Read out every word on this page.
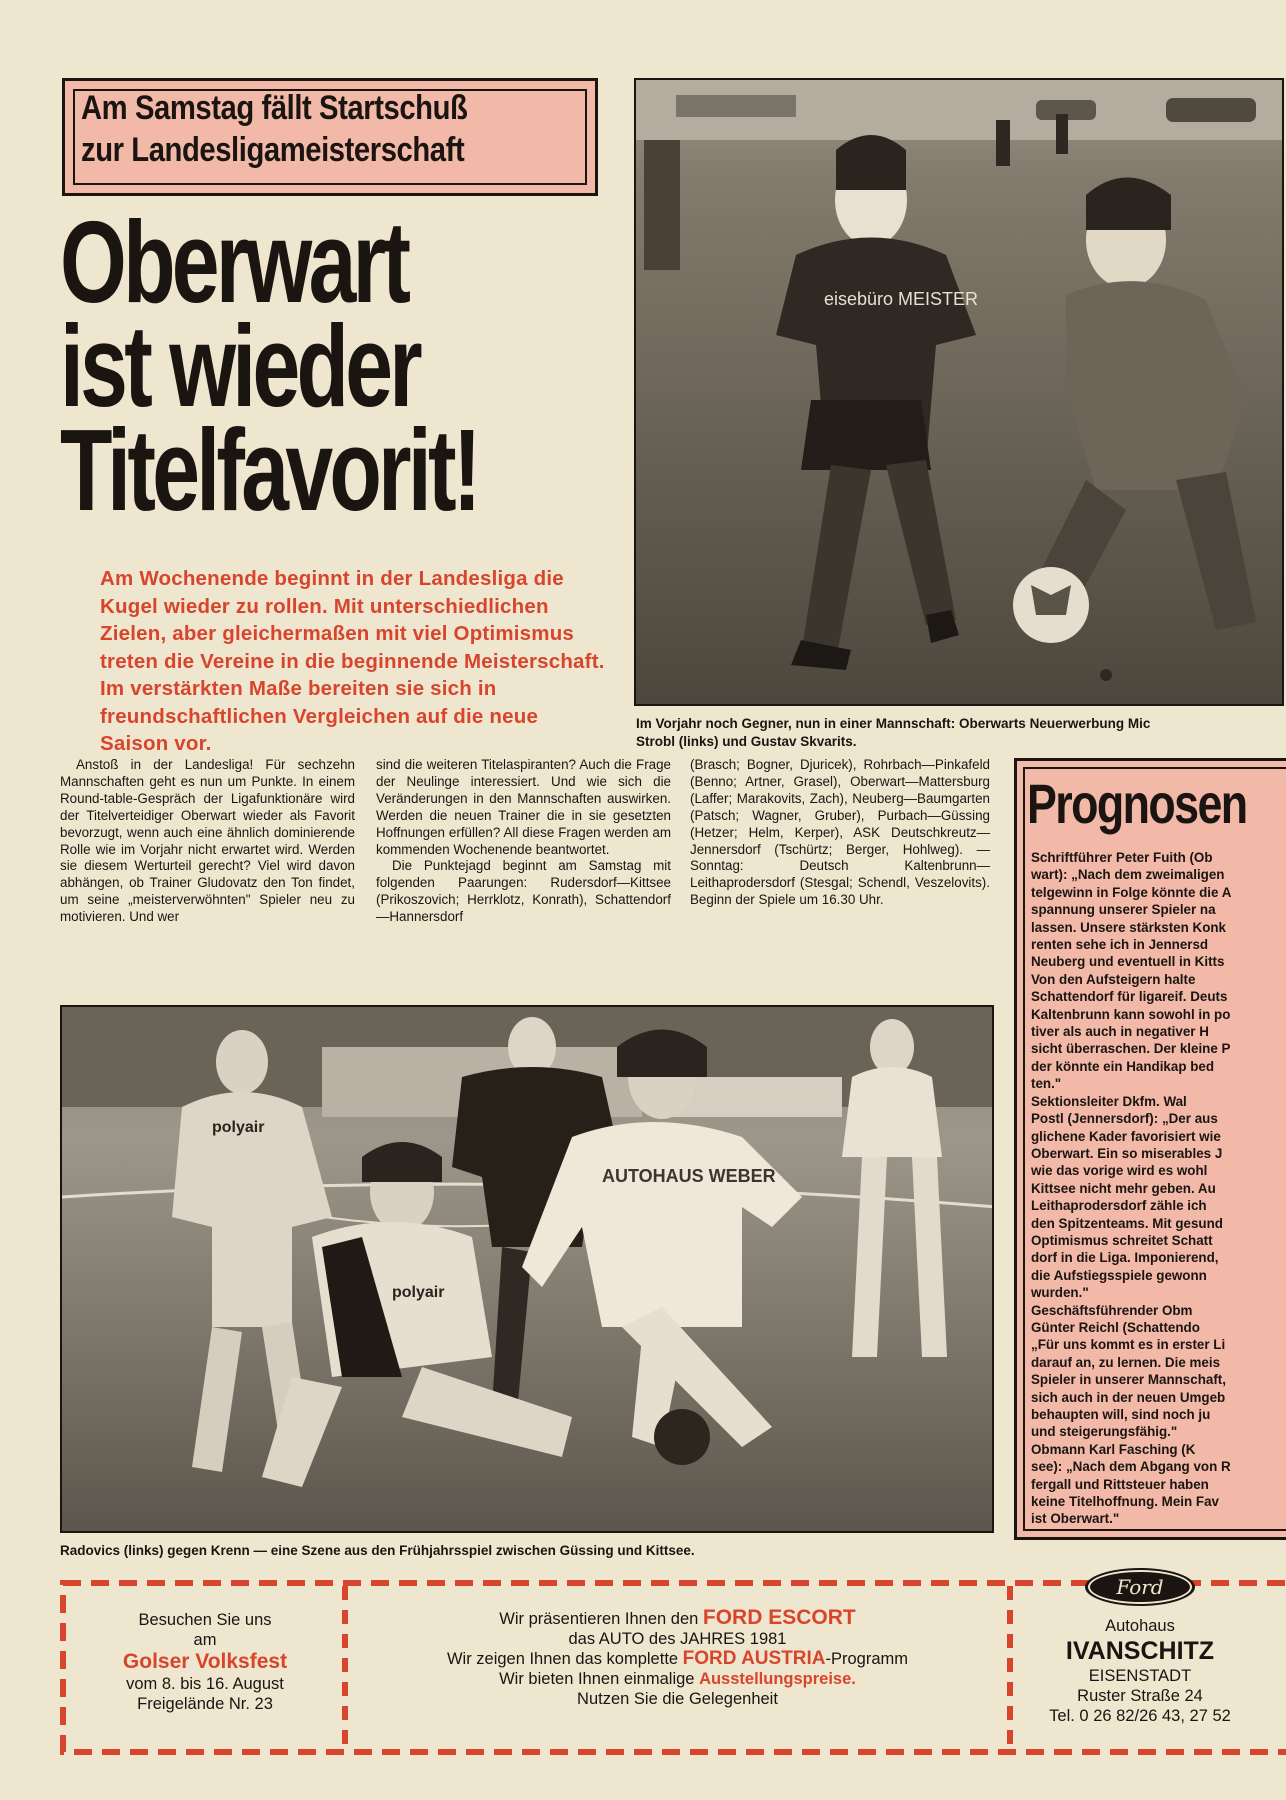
Am Samstag fällt Startschuß
zur Landesligameisterschaft
Oberwart
ist wieder
Titelfavorit!
Am Wochenende beginnt in der Landesliga die Kugel wieder zu rollen. Mit unterschiedlichen Zielen, aber gleichermaßen mit viel Optimismus treten die Vereine in die beginnende Meisterschaft. Im verstärkten Maße bereiten sie sich in freundschaftlichen Vergleichen auf die neue Saison vor.
Anstoß in der Landesliga! Für sechzehn Mannschaften geht es nun um Punkte. In einem Round-table-Gespräch der Ligafunktionäre wird der Titelverteidiger Oberwart wieder als Favorit bevorzugt, wenn auch eine ähnlich dominierende Rolle wie im Vorjahr nicht erwartet wird. Werden sie diesem Werturteil gerecht? Viel wird davon abhängen, ob Trainer Gludovatz den Ton findet, um seine „meisterverwöhnten" Spieler neu zu motivieren. Und wer
sind die weiteren Titelaspiranten? Auch die Frage der Neulinge interessiert. Und wie sich die Veränderungen in den Mannschaften auswirken. Werden die neuen Trainer die in sie gesetzten Hoffnungen erfüllen? All diese Fragen werden am kommenden Wochenende beantwortet.
Die Punktejagd beginnt am Samstag mit folgenden Paarungen: Rudersdorf—Kittsee (Prikoszovich; Herrklotz, Konrath), Schattendorf—Hannersdorf
(Brasch; Bogner, Djuricek), Rohrbach—Pinkafeld (Benno; Artner, Grasel), Oberwart—Mattersburg (Laffer; Marakovits, Zach), Neuberg—Baumgarten (Patsch; Wagner, Gruber), Purbach—Güssing (Hetzer; Helm, Kerper), ASK Deutschkreutz—Jennersdorf (Tschürtz; Berger, Hohlweg). — Sonntag: Deutsch Kaltenbrunn—Leithaprodersdorf (Stesgal; Schendl, Veszelovits). Beginn der Spiele um 16.30 Uhr.
eisebüro MEISTER
Im Vorjahr noch Gegner, nun in einer Mannschaft: Oberwarts Neuerwerbung Mic
Strobl (links) und Gustav Skvarits.
polyair
AUTOHAUS WEBER
polyair
Radovics (links) gegen Krenn — eine Szene aus den Frühjahrsspiel zwischen Güssing und Kittsee.
Prognosen
Schriftführer Peter Fuith (Ob
wart): „Nach dem zweimaligen
telgewinn in Folge könnte die A
spannung unserer Spieler na
lassen. Unsere stärksten Konk
renten sehe ich in Jennersd
Neuberg und eventuell in Kitts
Von den Aufsteigern halte
Schattendorf für ligareif. Deuts
Kaltenbrunn kann sowohl in po
tiver als auch in negativer H
sicht überraschen. Der kleine P
der könnte ein Handikap bed
ten."
Sektionsleiter Dkfm. Wal
Postl (Jennersdorf): „Der aus
glichene Kader favorisiert wie
Oberwart. Ein so miserables J
wie das vorige wird es wohl
Kittsee nicht mehr geben. Au
Leithaprodersdorf zähle ich
den Spitzenteams. Mit gesund
Optimismus schreitet Schatt
dorf in die Liga. Imponierend,
die Aufstiegsspiele gewonn
wurden."
Geschäftsführender Obm
Günter Reichl (Schattendo
„Für uns kommt es in erster Li
darauf an, zu lernen. Die meis
Spieler in unserer Mannschaft,
sich auch in der neuen Umgeb
behaupten will, sind noch ju
und steigerungsfähig."
Obmann Karl Fasching (K
see): „Nach dem Abgang von R
fergall und Rittsteuer haben
keine Titelhoffnung. Mein Fav
ist Oberwart."
Besuchen Sie uns
am
Golser Volksfest
vom 8. bis 16. August
Freigelände Nr. 23
Wir präsentieren Ihnen den FORD ESCORT
das AUTO des JAHRES 1981
Wir zeigen Ihnen das komplette FORD AUSTRIA-Programm
Wir bieten Ihnen einmalige Ausstellungspreise.
Nutzen Sie die Gelegenheit
Ford
Autohaus
IVANSCHITZ
EISENSTADT
Ruster Straße 24
Tel. 0 26 82/26 43, 27 52
